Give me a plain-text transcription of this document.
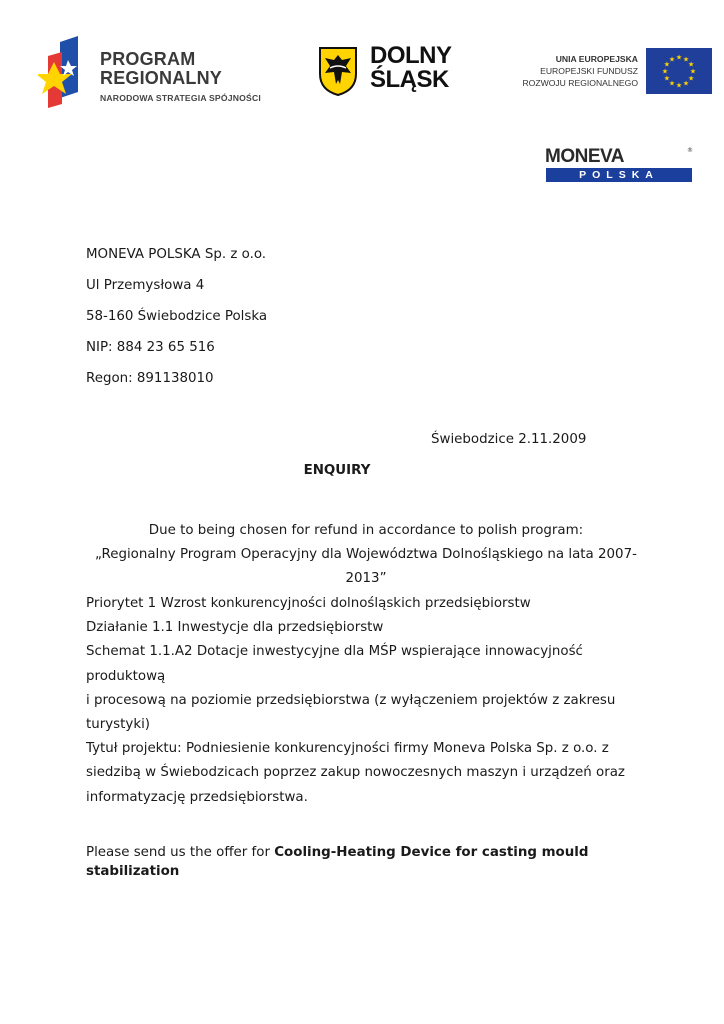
PROGRAM
REGIONALNY
NARODOWA STRATEGIA SPÓJNOŚCI
DOLNY
ŚLĄSK
UNIA EUROPEJSKA
EUROPEJSKI FUNDUSZ
ROZWOJU REGIONALNEGO
★
★
★
★
★
★
★
★
★ ★ ★
★
MONEVA	®
POLSKA
MONEVA POLSKA Sp. z o.o.
Ul Przemysłowa 4
58-160 Świebodzice Polska
NIP: 884 23 65 516
Regon: 891138010
Świebodzice 2.11.2009
ENQUIRY
Due to being chosen for refund in accordance to polish program:
„Regionalny Program Operacyjny dla Województwa Dolnośląskiego na lata 2007-
2013”
Priorytet 1 Wzrost konkurencyjności dolnośląskich przedsiębiorstw
Działanie 1.1 Inwestycje dla przedsiębiorstw
Schemat 1.1.A2 Dotacje inwestycyjne dla MŚP wspierające innowacyjność
produktową
i procesową na poziomie przedsiębiorstwa (z wyłączeniem projektów z zakresu
turystyki)
Tytuł projektu: Podniesienie konkurencyjności firmy Moneva Polska Sp. z o.o. z
siedzibą w Świebodzicach poprzez zakup nowoczesnych maszyn i urządzeń oraz
informatyzację przedsiębiorstwa.
Please send us the offer for Cooling-Heating Device for casting mould
stabilization
